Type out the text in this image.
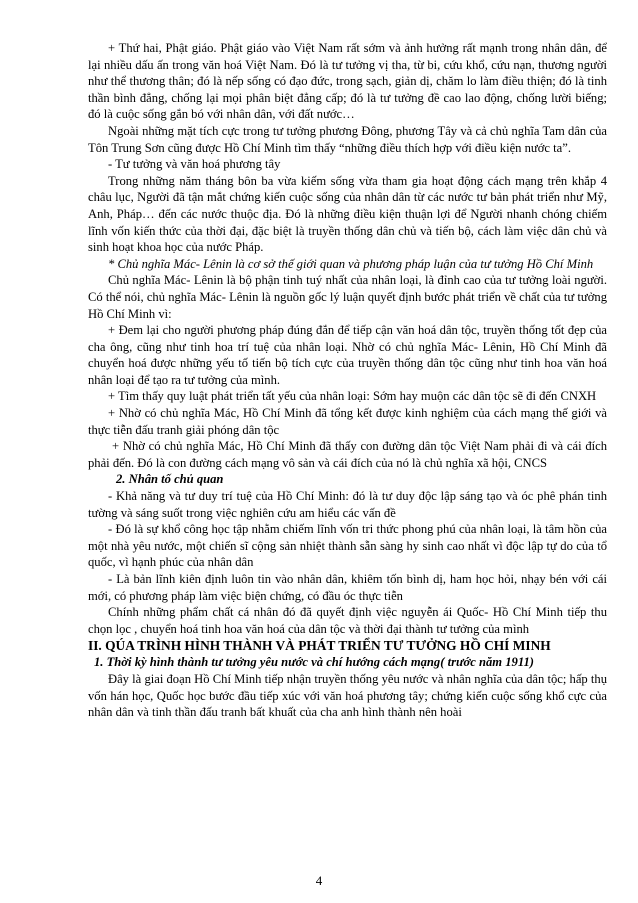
+ Thứ hai, Phật giáo. Phật giáo vào Việt Nam rất sớm và ảnh hưởng rất mạnh trong nhân dân, để lại nhiều dấu ấn trong văn hoá Việt Nam. Đó là tư tưởng vị tha, từ bi, cứu khổ, cứu nạn, thương người như thể thương thân; đó là nếp sống có đạo đức, trong sạch, giản dị, chăm lo làm điều thiện; đó là tinh thần bình đẳng, chống lại mọi phân biệt đẳng cấp; đó là tư tưởng đề cao lao động, chống lười biếng; đó là cuộc sống gắn bó với nhân dân, với đất nước…

Ngoài những mặt tích cực trong tư tưởng phương Đông, phương Tây và cả chủ nghĩa Tam dân của Tôn Trung Sơn cũng được Hồ Chí Minh tìm thấy “những điều thích hợp với điều kiện nước ta”.

- Tư tưởng và văn hoá phương tây

Trong những năm tháng bôn ba vừa kiếm sống vừa tham gia hoạt động cách mạng trên khắp 4 châu lục, Người đã tận mắt chứng kiến cuộc sống của nhân dân từ các nước tư bản phát triển như Mỹ, Anh, Pháp… đến các nước thuộc địa. Đó là những điều kiện thuận lợi để Người nhanh chóng chiếm lĩnh vốn kiến thức của thời đại, đặc biệt là truyền thống dân chủ và tiến bộ, cách làm việc dân chủ và sinh hoạt khoa học của nước Pháp.

* Chủ nghĩa Mác- Lênin là cơ sở thế giới quan và phương pháp luận của tư tưởng Hồ Chí Minh

Chủ nghĩa Mác- Lênin là bộ phận tinh tuý nhất của nhân loại, là đỉnh cao của tư tưởng loài người. Có thể nói, chủ nghĩa Mác- Lênin là nguồn gốc lý luận quyết định bước phát triển về chất của tư tưởng Hồ Chí Minh vì:

+ Đem lại cho người phương pháp đúng đắn để tiếp cận văn hoá dân tộc, truyền thống tốt đẹp của cha ông, cũng như tinh hoa trí tuệ của nhân loại. Nhờ có chủ nghĩa Mác- Lênin, Hồ Chí Minh đã chuyển hoá được những yếu tố tiến bộ tích cực của truyền thống dân tộc cũng như tinh hoa văn hoá nhân loại để tạo ra tư tưởng của mình.

+ Tìm thấy quy luật phát triển tất yếu của nhân loại: Sớm hay muộn các dân tộc sẽ đi đến CNXH

+ Nhờ có chủ nghĩa Mác, Hồ Chí Minh đã tổng kết được kinh nghiệm của cách mạng thế giới và thực tiễn đấu tranh giải phóng dân tộc

+ Nhờ có chủ nghĩa Mác, Hồ Chí Minh đã thấy con đường dân tộc Việt Nam phải đi và cái đích phải đến. Đó là con đường cách mạng vô sản và cái đích của nó là chủ nghĩa xã hội, CNCS

2. Nhân tố chủ quan

- Khả năng và tư duy trí tuệ của Hồ Chí Minh: đó là tư duy độc lập sáng tạo và óc phê phán tinh tường và sáng suốt trong việc nghiên cứu am hiểu các vấn đề

- Đó là sự khổ công học tập nhằm chiếm lĩnh vốn tri thức phong phú của nhân loại, là tâm hồn của một nhà yêu nước, một chiến sĩ cộng sản nhiệt thành sẵn sàng hy sinh cao nhất vì độc lập tự do của tổ quốc, vì hạnh phúc của nhân dân

- Là bản lĩnh kiên định luôn tin vào nhân dân, khiêm tốn bình dị, ham học hỏi, nhạy bén với cái mới, có phương pháp làm việc biện chứng, có đầu óc thực tiễn

Chính những phẩm chất cá nhân đó đã quyết định việc nguyễn ái Quốc- Hồ Chí Minh tiếp thu chọn lọc , chuyển hoá tinh hoa văn hoá của dân tộc và thời đại thành tư tưởng của mình

II. QÚA TRÌNH HÌNH THÀNH VÀ PHÁT TRIỂN TƯ TƯỞNG HỒ CHÍ MINH

1. Thời kỳ hình thành tư tưởng yêu nước và chí hướng cách mạng( trước năm 1911)

Đây là giai đoạn Hồ Chí Minh tiếp nhận truyền thống yêu nước và nhân nghĩa của dân tộc; hấp thụ vốn hán học, Quốc học bước đầu tiếp xúc với văn hoá phương tây; chứng kiến cuộc sống khổ cực của nhân dân và tinh thần đấu tranh bất khuất của cha anh hình thành nên hoài

4
